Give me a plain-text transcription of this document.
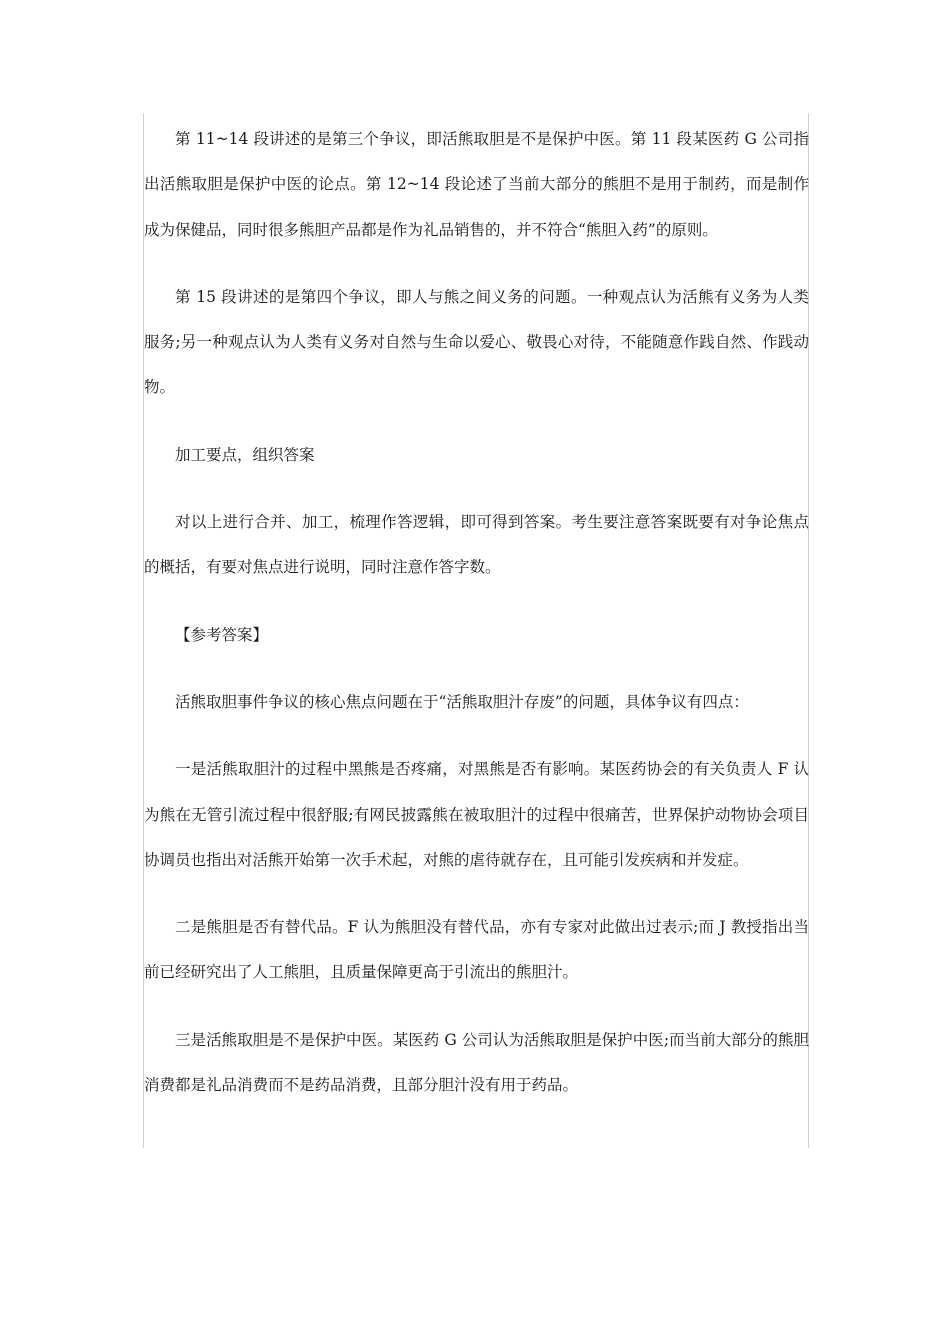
第 11~14 段讲述的是第三个争议，即活熊取胆是不是保护中医。第 11 段某医药 G 公司指出活熊取胆是保护中医的论点。第 12~14 段论述了当前大部分的熊胆不是用于制药，而是制作成为保健品，同时很多熊胆产品都是作为礼品销售的，并不符合“熊胆入药”的原则。

第 15 段讲述的是第四个争议，即人与熊之间义务的问题。一种观点认为活熊有义务为人类服务;另一种观点认为人类有义务对自然与生命以爱心、敬畏心对待，不能随意作践自然、作践动物。

加工要点，组织答案

对以上进行合并、加工，梳理作答逻辑，即可得到答案。考生要注意答案既要有对争论焦点的概括，有要对焦点进行说明，同时注意作答字数。

【参考答案】

活熊取胆事件争议的核心焦点问题在于“活熊取胆汁存废”的问题，具体争议有四点：

一是活熊取胆汁的过程中黑熊是否疼痛，对黑熊是否有影响。某医药协会的有关负责人 F 认为熊在无管引流过程中很舒服;有网民披露熊在被取胆汁的过程中很痛苦，世界保护动物协会项目协调员也指出对活熊开始第一次手术起，对熊的虐待就存在，且可能引发疾病和并发症。

二是熊胆是否有替代品。F 认为熊胆没有替代品，亦有专家对此做出过表示;而 J 教授指出当前已经研究出了人工熊胆，且质量保障更高于引流出的熊胆汁。

三是活熊取胆是不是保护中医。某医药 G 公司认为活熊取胆是保护中医;而当前大部分的熊胆消费都是礼品消费而不是药品消费，且部分胆汁没有用于药品。
